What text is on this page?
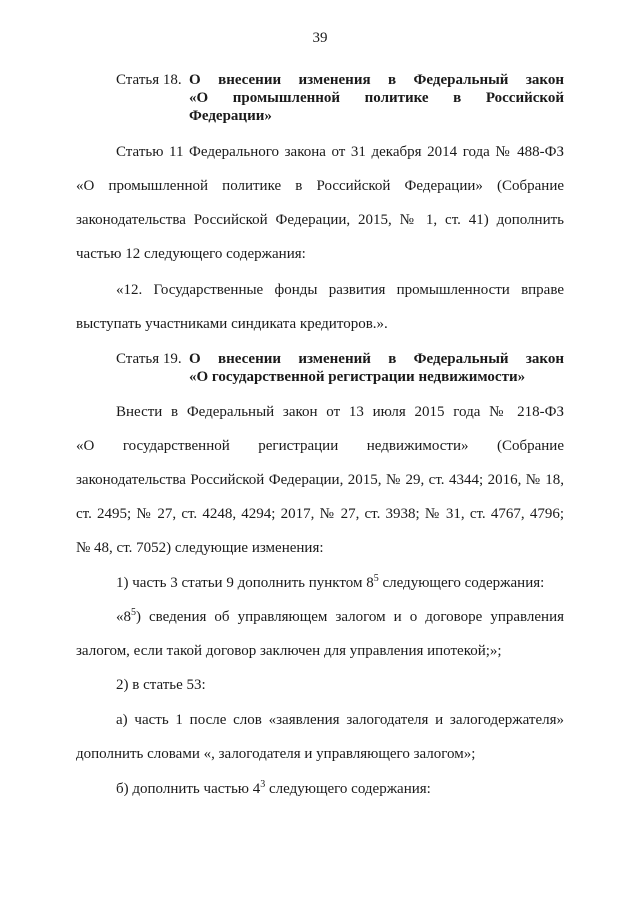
39
Статья 18. О внесении изменения в Федеральный закон
«О промышленной политике в Российской
Федерации»
Статью 11 Федерального закона от 31 декабря 2014 года № 488-ФЗ
«О промышленной политике в Российской Федерации» (Собрание
законодательства Российской Федерации, 2015, № 1, ст. 41) дополнить
частью 12 следующего содержания:
«12. Государственные фонды развития промышленности вправе
выступать участниками синдиката кредиторов.».
Статья 19. О внесении изменений в Федеральный закон
«О государственной регистрации недвижимости»
Внести в Федеральный закон от 13 июля 2015 года № 218-ФЗ
«О государственной регистрации недвижимости» (Собрание
законодательства Российской Федерации, 2015, № 29, ст. 4344; 2016, № 18,
ст. 2495; № 27, ст. 4248, 4294; 2017, № 27, ст. 3938; № 31, ст. 4767, 4796;
№ 48, ст. 7052) следующие изменения:
1) часть 3 статьи 9 дополнить пунктом $8^5$ следующего содержания:
«$8^5$) сведения об управляющем залогом и о договоре управления
залогом, если такой договор заключен для управления ипотекой;»;
2) в статье 53:
а) часть 1 после слов «заявления залогодателя и залогодержателя»
дополнить словами «, залогодателя и управляющего залогом»;
б) дополнить частью $4^3$ следующего содержания:
